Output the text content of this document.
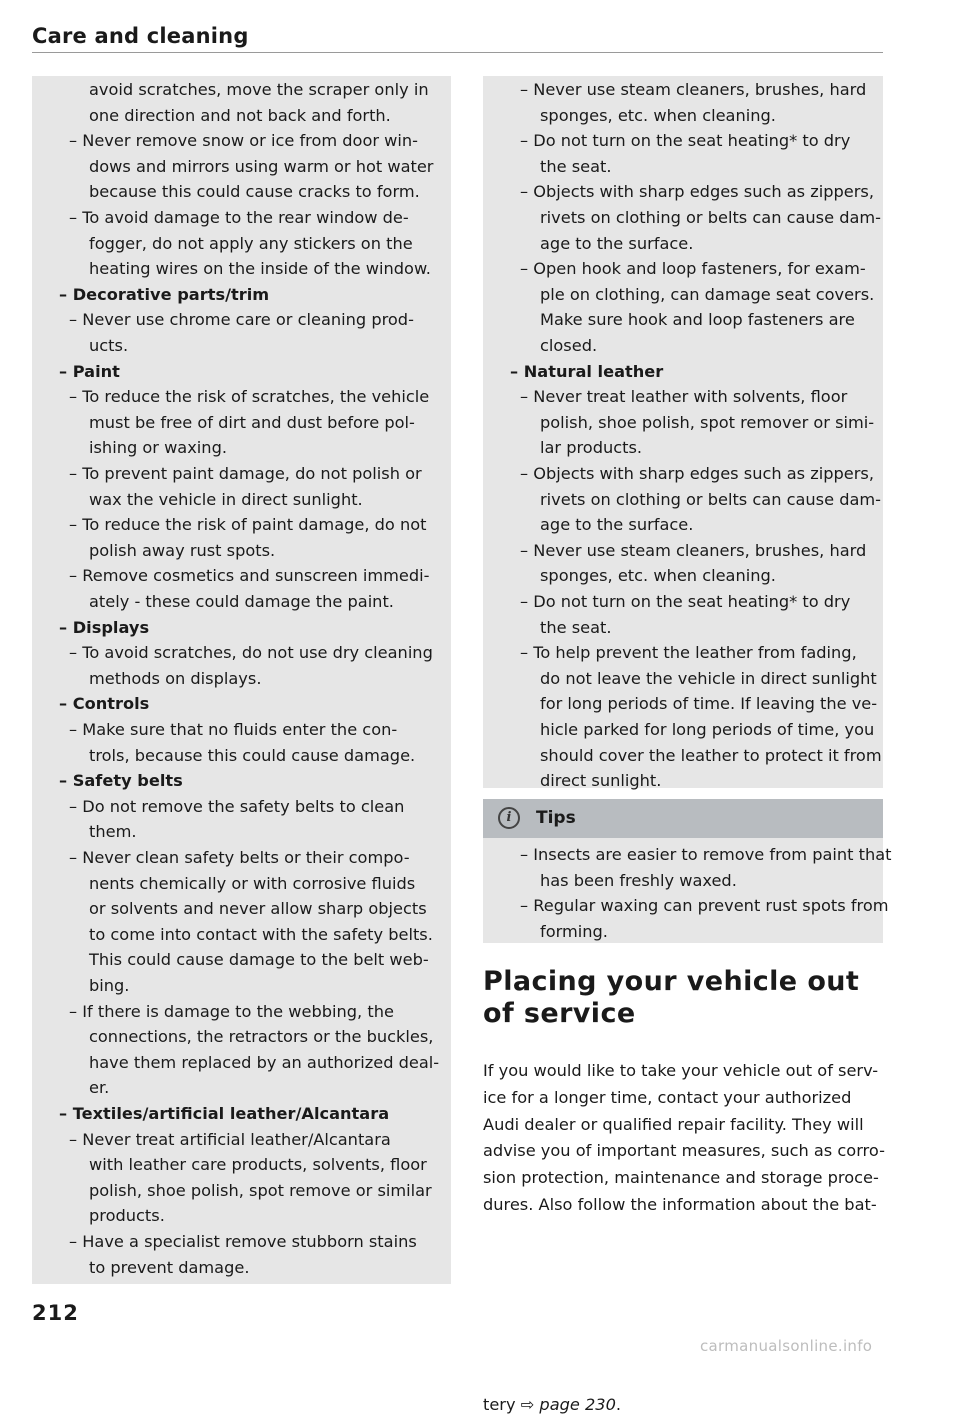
Care and cleaning
avoid scratches, move the scraper only in
one direction and not back and forth.
– Never remove snow or ice from door win-
dows and mirrors using warm or hot water
because this could cause cracks to form.
– To avoid damage to the rear window de-
fogger, do not apply any stickers on the
heating wires on the inside of the window.
– Decorative parts/trim
– Never use chrome care or cleaning prod-
ucts.
– Paint
– To reduce the risk of scratches, the vehicle
must be free of dirt and dust before pol-
ishing or waxing.
– To prevent paint damage, do not polish or
wax the vehicle in direct sunlight.
– To reduce the risk of paint damage, do not
polish away rust spots.
– Remove cosmetics and sunscreen immedi-
ately - these could damage the paint.
– Displays
– To avoid scratches, do not use dry cleaning
methods on displays.
– Controls
– Make sure that no fluids enter the con-
trols, because this could cause damage.
– Safety belts
– Do not remove the safety belts to clean
them.
– Never clean safety belts or their compo-
nents chemically or with corrosive fluids
or solvents and never allow sharp objects
to come into contact with the safety belts.
This could cause damage to the belt web-
bing.
– If there is damage to the webbing, the
connections, the retractors or the buckles,
have them replaced by an authorized deal-
er.
– Textiles/artificial leather/Alcantara
– Never treat artificial leather/Alcantara
with leather care products, solvents, floor
polish, shoe polish, spot remove or similar
products.
– Have a specialist remove stubborn stains
to prevent damage.
– Never use steam cleaners, brushes, hard
sponges, etc. when cleaning.
– Do not turn on the seat heating* to dry
the seat.
– Objects with sharp edges such as zippers,
rivets on clothing or belts can cause dam-
age to the surface.
– Open hook and loop fasteners, for exam-
ple on clothing, can damage seat covers.
Make sure hook and loop fasteners are
closed.
– Natural leather
– Never treat leather with solvents, floor
polish, shoe polish, spot remover or simi-
lar products.
– Objects with sharp edges such as zippers,
rivets on clothing or belts can cause dam-
age to the surface.
– Never use steam cleaners, brushes, hard
sponges, etc. when cleaning.
– Do not turn on the seat heating* to dry
the seat.
– To help prevent the leather from fading,
do not leave the vehicle in direct sunlight
for long periods of time. If leaving the ve-
hicle parked for long periods of time, you
should cover the leather to protect it from
direct sunlight.
i	Tips
– Insects are easier to remove from paint that
has been freshly waxed.
– Regular waxing can prevent rust spots from
forming.
Placing your vehicle out
of service
If you would like to take your vehicle out of serv-
ice for a longer time, contact your authorized
Audi dealer or qualified repair facility. They will
advise you of important measures, such as corro-
sion protection, maintenance and storage proce-
dures. Also follow the information about the bat-
tery ⇨ page 230.
212
carmanualsonline.info
